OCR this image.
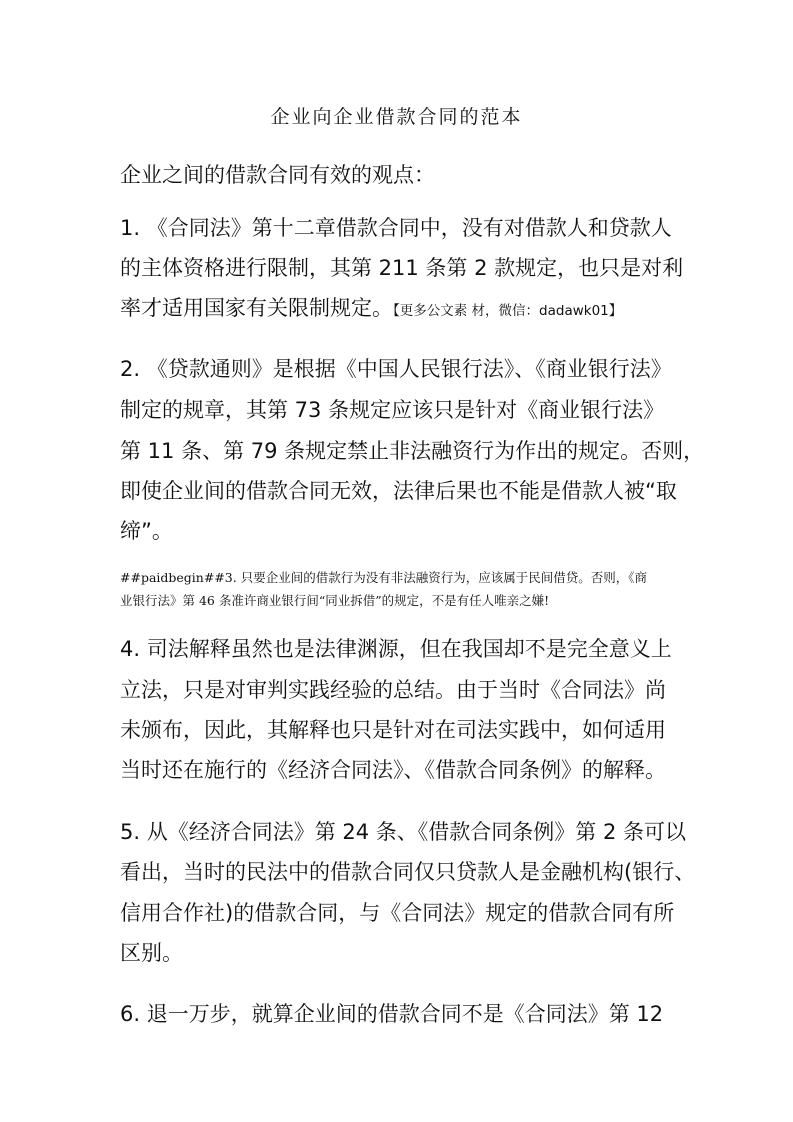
企业向企业借款合同的范本
企业之间的借款合同有效的观点：
1. 《合同法》第十二章借款合同中，没有对借款人和贷款人
的主体资格进行限制，其第 211 条第 2 款规定，也只是对利
率才适用国家有关限制规定。【更多公文素 材，微信：dadawk01】
2. 《贷款通则》是根据《中国人民银行法》、《商业银行法》
制定的规章，其第 73 条规定应该只是针对《商业银行法》
第 11 条、第 79 条规定禁止非法融资行为作出的规定。否则，
即使企业间的借款合同无效，法律后果也不能是借款人被“取
缔”。
##paidbegin##3. 只要企业间的借款行为没有非法融资行为，应该属于民间借贷。否则，《商
业银行法》第 46 条准许商业银行间“同业拆借”的规定，不是有任人唯亲之嫌!
4. 司法解释虽然也是法律渊源，但在我国却不是完全意义上
立法，只是对审判实践经验的总结。由于当时《合同法》尚
未颁布，因此，其解释也只是针对在司法实践中，如何适用
当时还在施行的《经济合同法》、《借款合同条例》的解释。
5. 从《经济合同法》第 24 条、《借款合同条例》第 2 条可以
看出，当时的民法中的借款合同仅只贷款人是金融机构(银行、
信用合作社)的借款合同，与《合同法》规定的借款合同有所
区别。
6. 退一万步，就算企业间的借款合同不是《合同法》第 12
